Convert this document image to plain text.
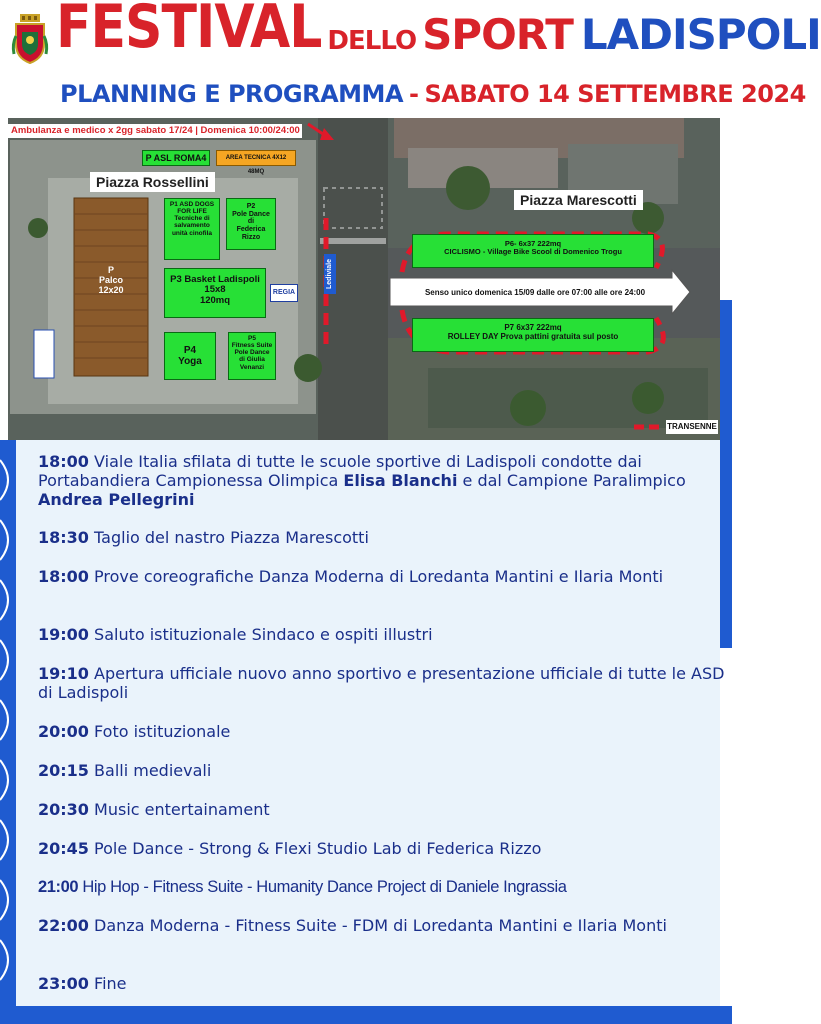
FESTIVAL DELLO SPORT LADISPOLI
PLANNING E PROGRAMMA - SABATO 14 SETTEMBRE 2024
Ambulanza e medico x 2gg sabato 17/24 | Domenica 10:00/24:00
P ASL ROMA4	AREA TECNICA 4X12 48MQ
Piazza Rossellini
Piazza Marescotti
P
Palco
12x20
P1 ASD DOGS
FOR LIFE
Tecniche di
salvamento
unità cinofila
P2
Pole Dance
di
Federica Rizzo
P3 Basket Ladispoli
15x8
120mq
REGIA
P4
Yoga
P5
Fitness Suite
Pole Dance
di Giulia
Venanzi
Lediviale
P6- 6x37 222mq
CICLISMO - Village Bike Scool di Domenico Trogu
Senso unico domenica 15/09 dalle ore 07:00 alle ore 24:00
P7 6x37 222mq
ROLLEY DAY Prova pattini gratuita sul posto
TRANSENNE
18:00 Viale Italia sfilata di tutte le scuole sportive di Ladispoli condotte dai Portabandiera Campionessa Olimpica Elisa Blanchi e dal Campione Paralimpico Andrea Pellegrini
18:30 Taglio del nastro Piazza Marescotti
18:00 Prove coreografiche Danza Moderna di Loredanta Mantini e Ilaria Monti
19:00 Saluto istituzionale Sindaco e ospiti illustri
19:10 Apertura ufficiale nuovo anno sportivo e presentazione ufficiale di tutte le ASD di Ladispoli
20:00 Foto istituzionale
20:15 Balli medievali
20:30 Music entertainament
20:45 Pole Dance - Strong & Flexi Studio Lab di Federica Rizzo
21:00 Hip Hop - Fitness Suite - Humanity Dance Project di Daniele Ingrassia
22:00 Danza Moderna - Fitness Suite - FDM di Loredanta Mantini e Ilaria Monti
23:00 Fine
